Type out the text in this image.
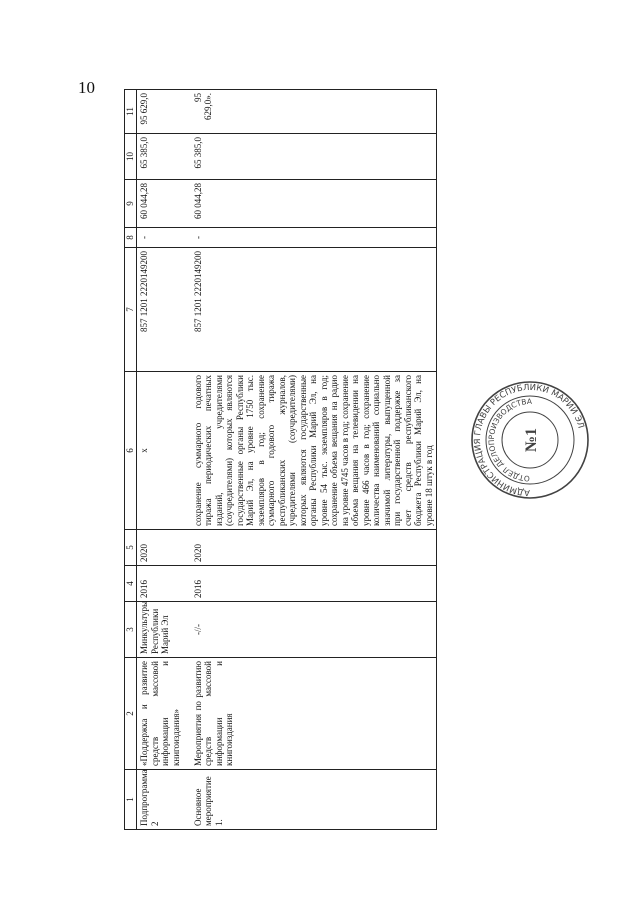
10
1	2	3	4	5	6	7	8	9	10	11
Подпрограмма 2	«Поддержка и развитие средств массовой информации и книгоиздания»	Минкультуры Республики Марий Эл	2016	2020	х	857 1201 2220149200	-	60 044,28	65 385,0	95 629,0
Основное мероприятие 1.	Мероприятия по развитию средств массовой информации и книгоиздания	-//-	2016	2020	сохранение суммарного годового тиража периодических печатных изданий, учредителями (соучредителями) которых являются государственные органы Республики Марий Эл, на уровне 1750 тыс. экземпляров в год; сохранение суммарного годового тиража республиканских журналов, учредителями (соучредителями) которых являются государственные органы Республики Марий Эл, на уровне 54 тыс. экземпляров в год; сохранение объема вещания на радио на уровне 4745 часов в год; сохранение объема вещания на телевидении на уровне 466 часов в год; сохранение количества наименований социально значимой литературы, выпущенной при государственной поддержке за счет средств республиканского бюджета Республики Марий Эл, на уровне 18 штук в год	857 1201 2220149200	-	60 044,28	65 385,0	95 629,0».
АДМИНИСТРАЦИЯ ГЛАВЫ РЕСПУБЛИКИ МАРИЙ ЭЛ
ОТДЕЛ ДЕЛОПРОИЗВОДСТВА
№1
